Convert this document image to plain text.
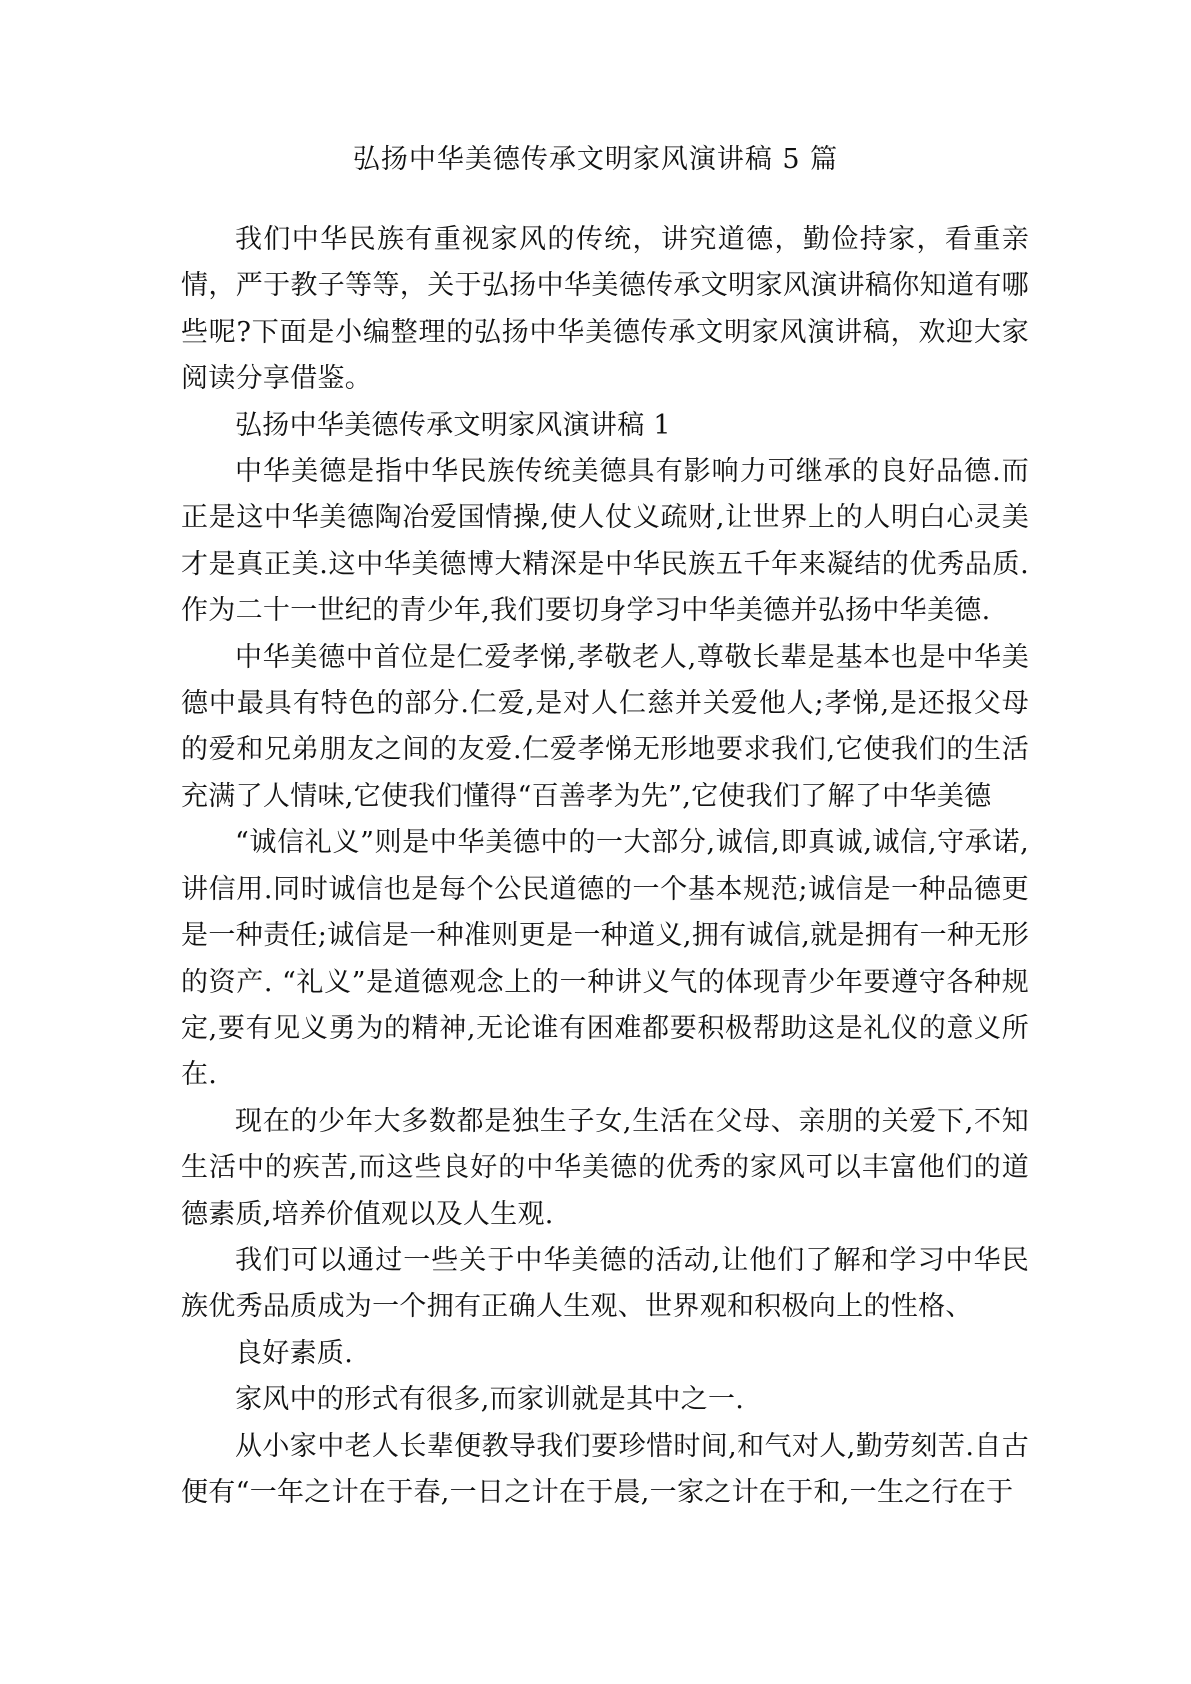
弘扬中华美德传承文明家风演讲稿 5 篇

我们中华民族有重视家风的传统，讲究道德，勤俭持家，看重亲情，严于教子等等，关于弘扬中华美德传承文明家风演讲稿你知道有哪些呢?下面是小编整理的弘扬中华美德传承文明家风演讲稿，欢迎大家阅读分享借鉴。

弘扬中华美德传承文明家风演讲稿 1

中华美德是指中华民族传统美德具有影响力可继承的良好品德.而正是这中华美德陶冶爱国情操,使人仗义疏财,让世界上的人明白心灵美才是真正美.这中华美德博大精深是中华民族五千年来凝结的优秀品质.作为二十一世纪的青少年,我们要切身学习中华美德并弘扬中华美德.

中华美德中首位是仁爱孝悌,孝敬老人,尊敬长辈是基本也是中华美德中最具有特色的部分.仁爱,是对人仁慈并关爱他人;孝悌,是还报父母的爱和兄弟朋友之间的友爱.仁爱孝悌无形地要求我们,它使我们的生活充满了人情味,它使我们懂得“百善孝为先”,它使我们了解了中华美德

“诚信礼义”则是中华美德中的一大部分,诚信,即真诚,诚信,守承诺,讲信用.同时诚信也是每个公民道德的一个基本规范;诚信是一种品德更是一种责任;诚信是一种准则更是一种道义,拥有诚信,就是拥有一种无形的资产. “礼义”是道德观念上的一种讲义气的体现青少年要遵守各种规定,要有见义勇为的精神,无论谁有困难都要积极帮助这是礼仪的意义所在.

现在的少年大多数都是独生子女,生活在父母、亲朋的关爱下,不知生活中的疾苦,而这些良好的中华美德的优秀的家风可以丰富他们的道德素质,培养价值观以及人生观.

我们可以通过一些关于中华美德的活动,让他们了解和学习中华民族优秀品质成为一个拥有正确人生观、世界观和积极向上的性格、

良好素质.

家风中的形式有很多,而家训就是其中之一.

从小家中老人长辈便教导我们要珍惜时间,和气对人,勤劳刻苦.自古便有“一年之计在于春,一日之计在于晨,一家之计在于和,一生之行在于
